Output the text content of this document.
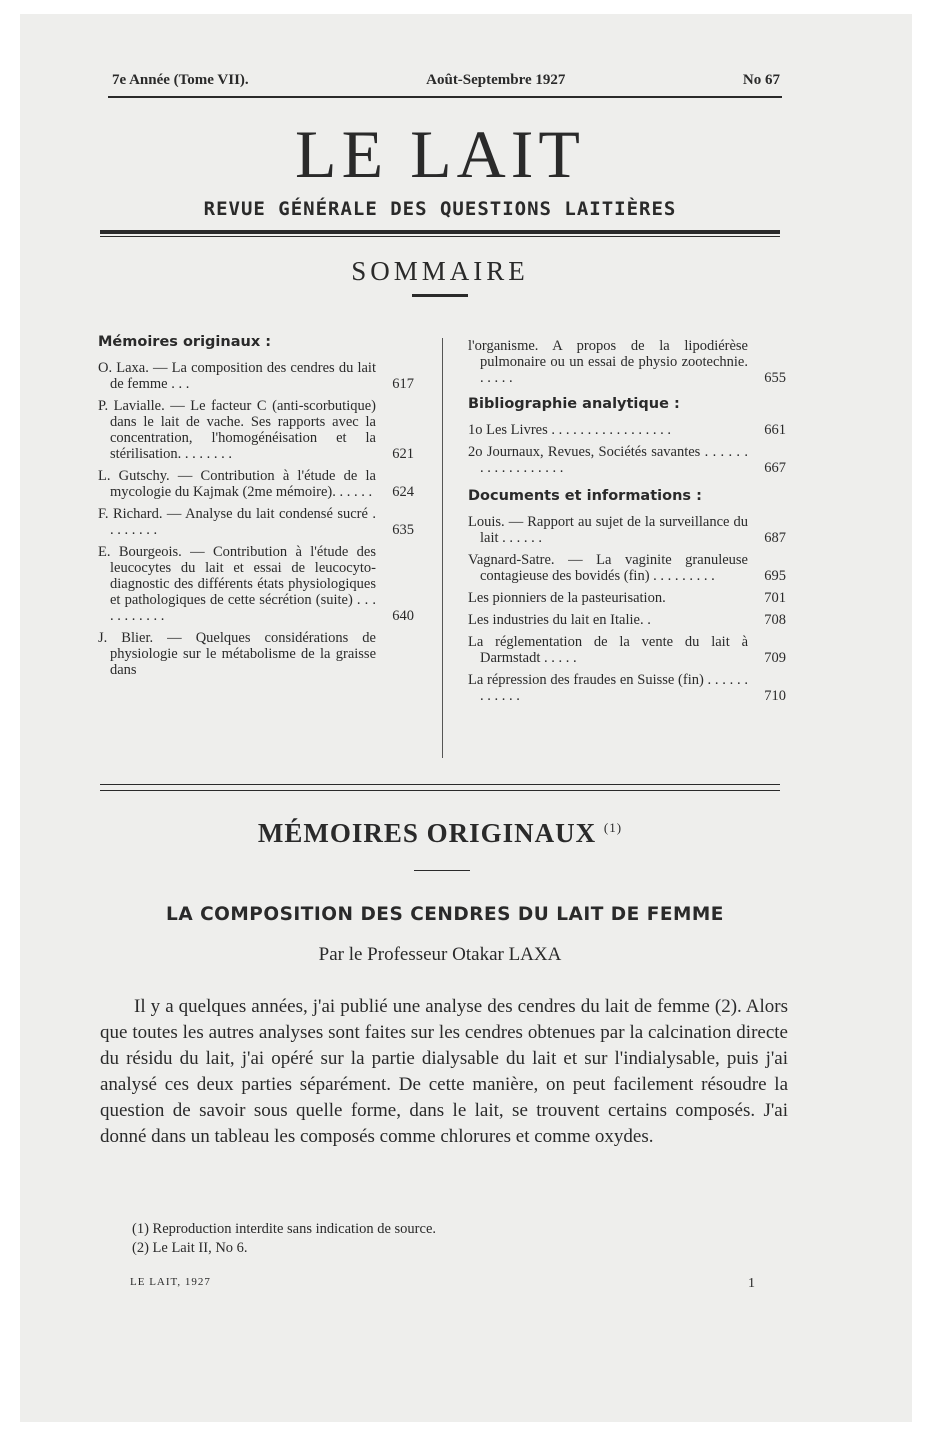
7e Année (Tome VII).	Août-Septembre 1927	No 67
LE LAIT
REVUE GÉNÉRALE DES QUESTIONS LAITIÈRES
SOMMAIRE
Mémoires originaux :
O. Laxa. — La composition des cendres du lait de femme . . .	617
P. Lavialle. — Le facteur C (anti-scorbutique) dans le lait de vache. Ses rapports avec la concentration, l'homogénéisation et la stérilisation. . . . . . . .	621
L. Gutschy. — Contribution à l'étude de la mycologie du Kajmak (2me mémoire). . . . . .	624
F. Richard. — Analyse du lait condensé sucré . . . . . . . .	635
E. Bourgeois. — Contribution à l'étude des leucocytes du lait et essai de leucocyto-diagnostic des différents états physiologiques et pathologiques de cette sécrétion (suite) . . . . . . . . . . .	640
J. Blier. — Quelques considérations de physiologie sur le métabolisme de la graisse dans
l'organisme. A propos de la lipodiérèse pulmonaire ou un essai de physio zootechnie. . . . . .	655
Bibliographie analytique :
1o Les Livres . . . . . . . . . . . . . . . . .	661
2o Journaux, Revues, Sociétés savantes . . . . . . . . . . . . . . . . . .	667
Documents et informations :
Louis. — Rapport au sujet de la surveillance du lait . . . . . .	687
Vagnard-Satre. — La vaginite granuleuse contagieuse des bovidés (fin) . . . . . . . . .	695
Les pionniers de la pasteurisation.	701
Les industries du lait en Italie. .	708
La réglementation de la vente du lait à Darmstadt . . . . .	709
La répression des fraudes en Suisse (fin) . . . . . . . . . . . .	710
MÉMOIRES ORIGINAUX $^{(1)}$
LA COMPOSITION DES CENDRES DU LAIT DE FEMME
Par le Professeur Otakar LAXA

Il y a quelques années, j'ai publié une analyse des cendres du lait de femme (2). Alors que toutes les autres analyses sont faites sur les cendres obtenues par la calcination directe du résidu du lait, j'ai opéré sur la partie dialysable du lait et sur l'indialysable, puis j'ai analysé ces deux parties séparément. De cette manière, on peut facilement résoudre la question de savoir sous quelle forme, dans le lait, se trouvent certains composés. J'ai donné dans un tableau les composés comme chlorures et comme oxydes.

(1) Reproduction interdite sans indication de source.
(2) Le Lait II, No 6.
LE LAIT, 1927	1
